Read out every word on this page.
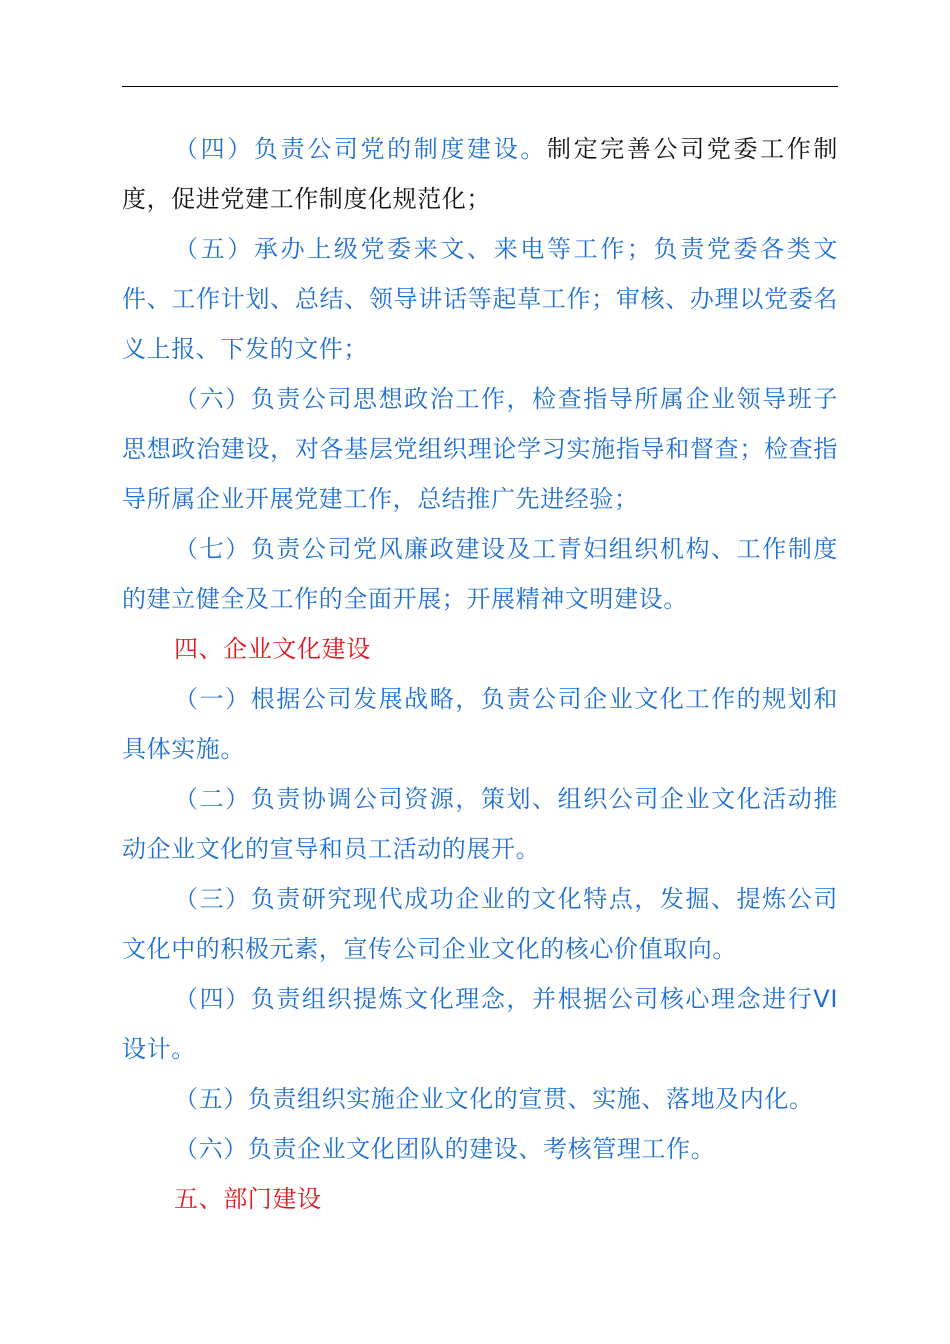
（四）负责公司党的制度建设。制定完善公司党委工作制度，促进党建工作制度化规范化；

（五）承办上级党委来文、来电等工作；负责党委各类文件、工作计划、总结、领导讲话等起草工作；审核、办理以党委名义上报、下发的文件；

（六）负责公司思想政治工作，检查指导所属企业领导班子思想政治建设，对各基层党组织理论学习实施指导和督查；检查指导所属企业开展党建工作，总结推广先进经验；

（七）负责公司党风廉政建设及工青妇组织机构、工作制度的建立健全及工作的全面开展；开展精神文明建设。

四、企业文化建设

（一）根据公司发展战略，负责公司企业文化工作的规划和具体实施。

（二）负责协调公司资源，策划、组织公司企业文化活动推动企业文化的宣导和员工活动的展开。

（三）负责研究现代成功企业的文化特点，发掘、提炼公司文化中的积极元素，宣传公司企业文化的核心价值取向。

（四）负责组织提炼文化理念，并根据公司核心理念进行VI设计。

（五）负责组织实施企业文化的宣贯、实施、落地及内化。

（六）负责企业文化团队的建设、考核管理工作。

五、部门建设
